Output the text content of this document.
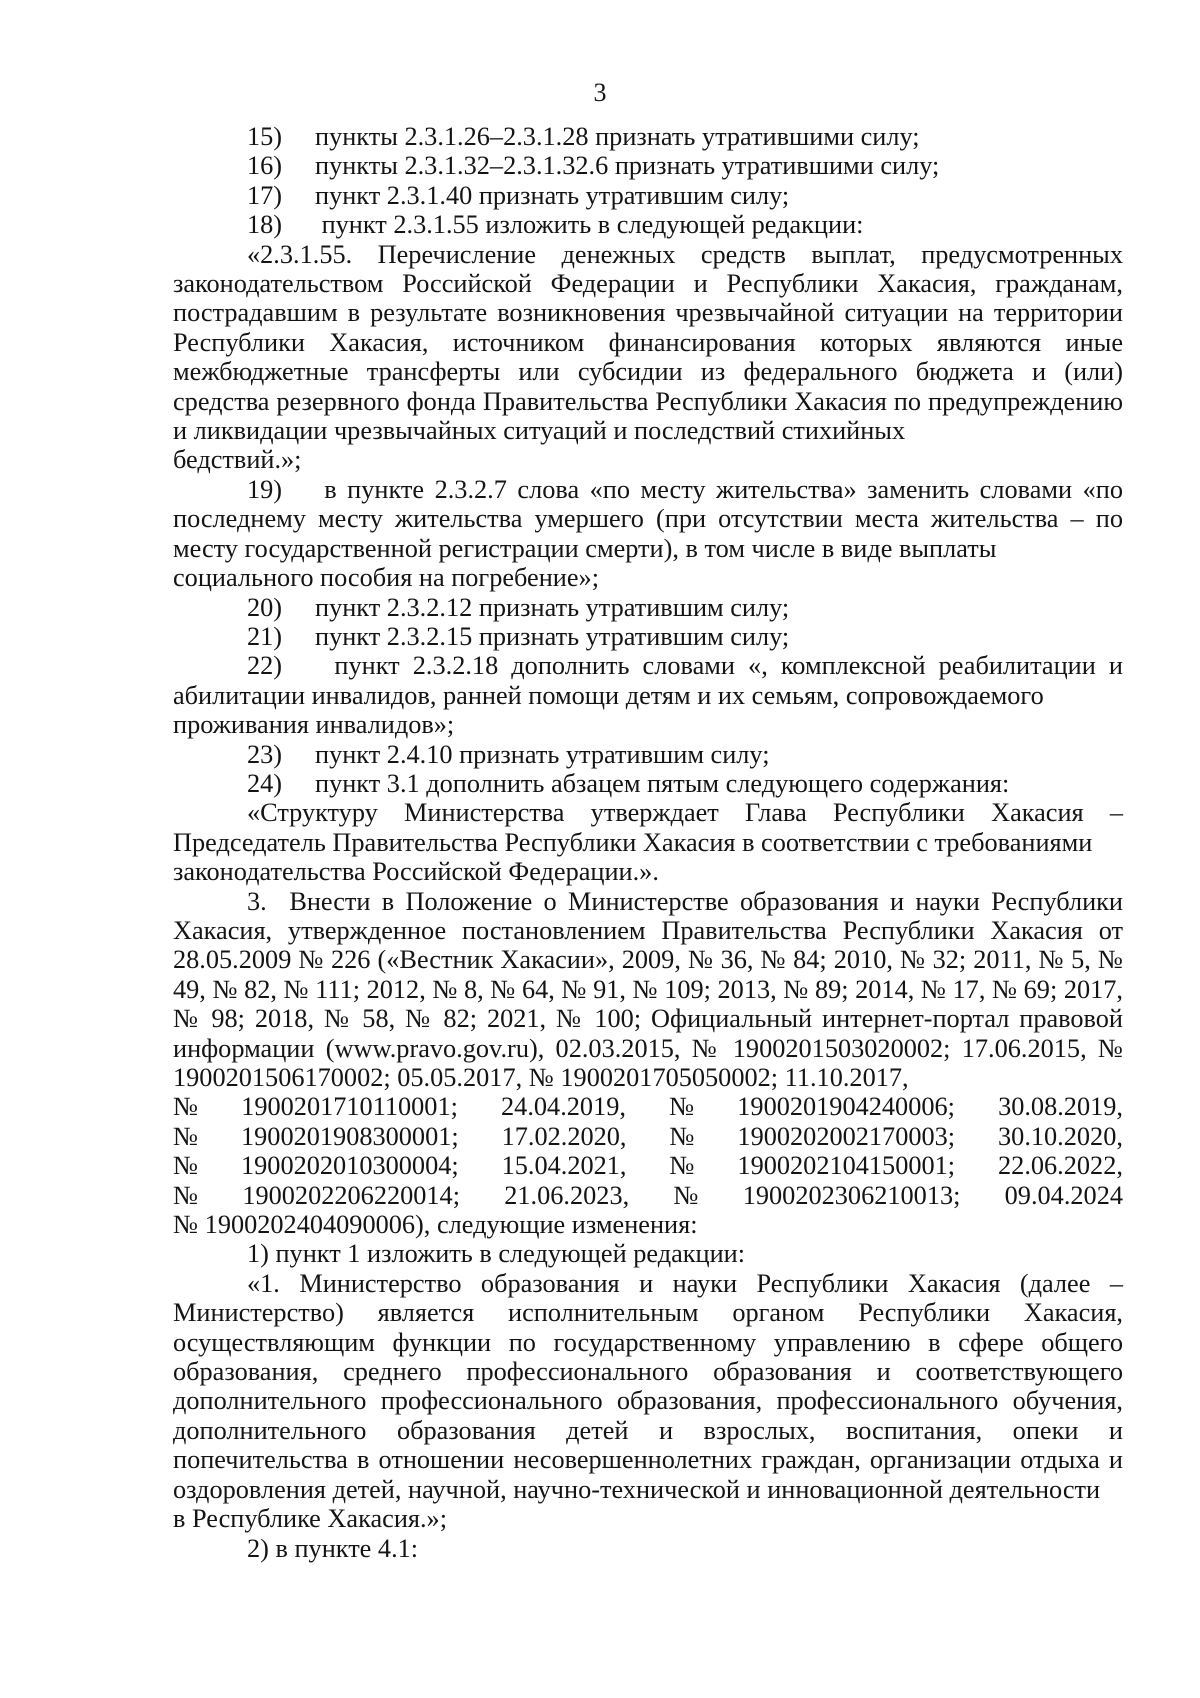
3

15) пункты 2.3.1.26–2.3.1.28 признать утратившими силу;

16) пункты 2.3.1.32–2.3.1.32.6 признать утратившими силу;

17) пункт 2.3.1.40 признать утратившим силу;

18) пункт 2.3.1.55 изложить в следующей редакции:

«2.3.1.55. Перечисление денежных средств выплат, предусмотренных законодательством Российской Федерации и Республики Хакасия, гражданам, пострадавшим в результате возникновения чрезвычайной ситуации на территории Республики Хакасия, источником финансирования которых являются иные межбюджетные трансферты или субсидии из федерального бюджета и (или) средства резервного фонда Правительства Республики Хакасия по предупреждению и ликвидации чрезвычайных ситуаций и последствий стихийных

бедствий.»;

19)    в пункте 2.3.2.7 слова «по месту жительства» заменить словами «по последнему месту жительства умершего (при отсутствии места жительства – по месту государственной регистрации смерти), в том числе в виде выплаты

социального пособия на погребение»;

20) пункт 2.3.2.12 признать утратившим силу;

21) пункт 2.3.2.15 признать утратившим силу;

22)    пункт 2.3.2.18 дополнить словами «, комплексной реабилитации и абилитации инвалидов, ранней помощи детям и их семьям, сопровождаемого

проживания инвалидов»;

23) пункт 2.4.10 признать утратившим силу;

24) пункт 3.1 дополнить абзацем пятым следующего содержания:

«Структуру Министерства утверждает Глава Республики Хакасия – Председатель Правительства Республики Хакасия в соответствии с требованиями

законодательства Российской Федерации.».

3.  Внести в Положение о Министерстве образования и науки Республики Хакасия, утвержденное постановлением Правительства Республики Хакасия от 28.05.2009 № 226 («Вестник Хакасии», 2009, № 36, № 84; 2010, № 32; 2011, № 5, № 49, № 82, № 111; 2012, № 8, № 64, № 91, № 109; 2013, № 89; 2014, № 17, № 69; 2017, № 98; 2018, № 58, № 82; 2021, № 100; Официальный интернет-портал правовой информации (www.pravo.gov.ru), 02.03.2015, № 1900201503020002; 17.06.2015, № 1900201506170002; 05.05.2017, № 1900201705050002; 11.10.2017,

№ 1900201710110001; 24.04.2019, № 1900201904240006; 30.08.2019,
№ 1900201908300001; 17.02.2020, № 1900202002170003; 30.10.2020,
№ 1900202010300004; 15.04.2021, № 1900202104150001; 22.06.2022,
№ 1900202206220014; 21.06.2023, № 1900202306210013; 09.04.2024

№ 1900202404090006), следующие изменения:

1) пункт 1 изложить в следующей редакции:

«1. Министерство образования и науки Республики Хакасия (далее – Министерство) является исполнительным органом Республики Хакасия, осуществляющим функции по государственному управлению в сфере общего образования, среднего профессионального образования и соответствующего дополнительного профессионального образования, профессионального обучения, дополнительного образования детей и взрослых, воспитания, опеки и попечительства в отношении несовершеннолетних граждан, организации отдыха и оздоровления детей, научной, научно-технической и инновационной деятельности

в Республике Хакасия.»;

2) в пункте 4.1:
